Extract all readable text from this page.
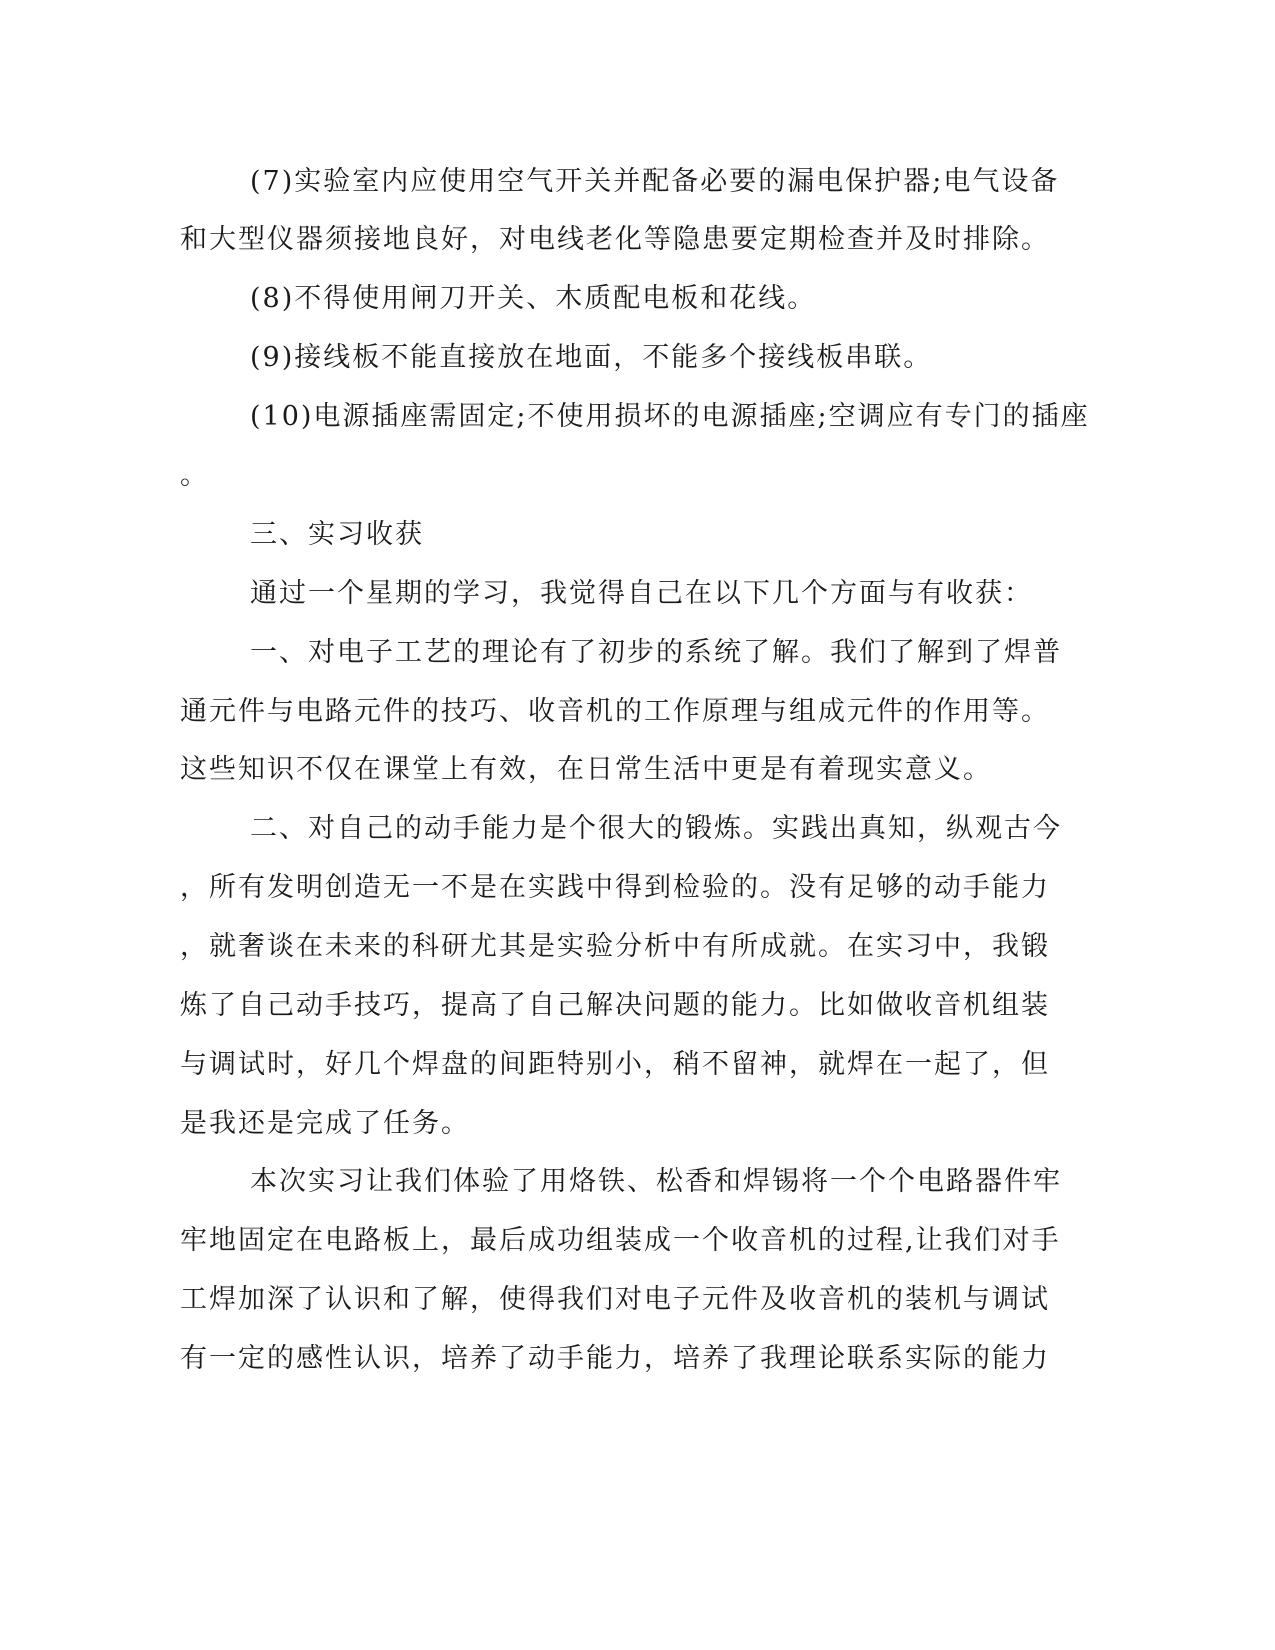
(7)实验室内应使用空气开关并配备必要的漏电保护器;电气设备
和大型仪器须接地良好，对电线老化等隐患要定期检查并及时排除。
(8)不得使用闸刀开关、木质配电板和花线。
(9)接线板不能直接放在地面，不能多个接线板串联。
(10)电源插座需固定;不使用损坏的电源插座;空调应有专门的插座
。
三、实习收获
通过一个星期的学习，我觉得自己在以下几个方面与有收获：
一、对电子工艺的理论有了初步的系统了解。我们了解到了焊普
通元件与电路元件的技巧、收音机的工作原理与组成元件的作用等。
这些知识不仅在课堂上有效，在日常生活中更是有着现实意义。
二、对自己的动手能力是个很大的锻炼。实践出真知，纵观古今
，所有发明创造无一不是在实践中得到检验的。没有足够的动手能力
，就奢谈在未来的科研尤其是实验分析中有所成就。在实习中，我锻
炼了自己动手技巧，提高了自己解决问题的能力。比如做收音机组装
与调试时，好几个焊盘的间距特别小，稍不留神，就焊在一起了，但
是我还是完成了任务。
本次实习让我们体验了用烙铁、松香和焊锡将一个个电路器件牢
牢地固定在电路板上，最后成功组装成一个收音机的过程,让我们对手
工焊加深了认识和了解，使得我们对电子元件及收音机的装机与调试
有一定的感性认识，培养了动手能力，培养了我理论联系实际的能力
